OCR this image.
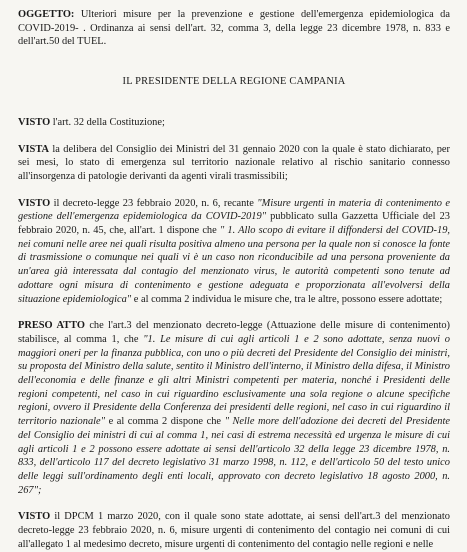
OGGETTO: Ulteriori misure per la prevenzione e gestione dell'emergenza epidemiologica da COVID-2019- . Ordinanza ai sensi dell'art. 32, comma 3, della legge 23 dicembre 1978, n. 833 e dell'art.50 del TUEL.
IL PRESIDENTE DELLA REGIONE CAMPANIA
VISTO l'art. 32 della Costituzione;
VISTA la delibera del Consiglio dei Ministri del 31 gennaio 2020 con la quale è stato dichiarato, per sei mesi, lo stato di emergenza sul territorio nazionale relativo al rischio sanitario connesso all'insorgenza di patologie derivanti da agenti virali trasmissibili;
VISTO il decreto-legge 23 febbraio 2020, n. 6, recante "Misure urgenti in materia di contenimento e gestione dell'emergenza epidemiologica da COVID-2019" pubblicato sulla Gazzetta Ufficiale del 23 febbraio 2020, n. 45, che, all'art. 1 dispone che " 1. Allo scopo di evitare il diffondersi del COVID-19, nei comuni nelle aree nei quali risulta positiva almeno una persona per la quale non si conosce la fonte di trasmissione o comunque nei quali vi è un caso non riconducibile ad una persona proveniente da un'area già interessata dal contagio del menzionato virus, le autorità competenti sono tenute ad adottare ogni misura di contenimento e gestione adeguata e proporzionata all'evolversi della situazione epidemiologica" e al comma 2 individua le misure che, tra le altre, possono essere adottate;
PRESO ATTO che l'art.3 del menzionato decreto-legge (Attuazione delle misure di contenimento) stabilisce, al comma 1, che "1. Le misure di cui agli articoli 1 e 2 sono adottate, senza nuovi o maggiori oneri per la finanza pubblica, con uno o più decreti del Presidente del Consiglio dei ministri, su proposta del Ministro della salute, sentito il Ministro dell'interno, il Ministro della difesa, il Ministro dell'economia e delle finanze e gli altri Ministri competenti per materia, nonché i Presidenti delle regioni competenti, nel caso in cui riguardino esclusivamente una sola regione o alcune specifiche regioni, ovvero il Presidente della Conferenza dei presidenti delle regioni, nel caso in cui riguardino il territorio nazionale" e al comma 2 dispone che " Nelle more dell'adozione dei decreti del Presidente del Consiglio dei ministri di cui al comma 1, nei casi di estrema necessità ed urgenza le misure di cui agli articoli 1 e 2 possono essere adottate ai sensi dell'articolo 32 della legge 23 dicembre 1978, n. 833, dell'articolo 117 del decreto legislativo 31 marzo 1998, n. 112, e dell'articolo 50 del testo unico delle leggi sull'ordinamento degli enti locali, approvato con decreto legislativo 18 agosto 2000, n. 267";
VISTO il DPCM 1 marzo 2020, con il quale sono state adottate, ai sensi dell'art.3 del menzionato decreto-legge 23 febbraio 2020, n. 6, misure urgenti di contenimento del contagio nei comuni di cui all'allegato 1 al medesimo decreto, misure urgenti di contenimento del contagio nelle regioni e nelle
